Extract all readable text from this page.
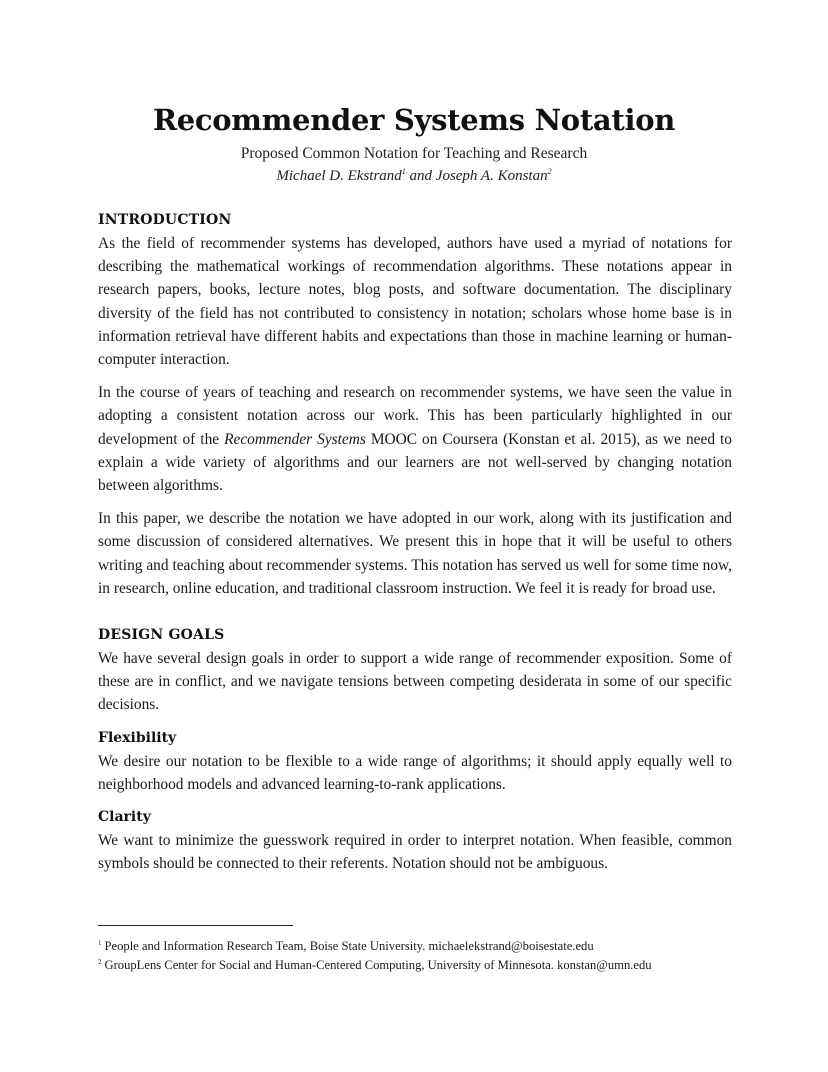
Recommender Systems Notation
Proposed Common Notation for Teaching and Research
Michael D. Ekstrand$^1$ and Joseph A. Konstan$^2$
INTRODUCTION

As the field of recommender systems has developed, authors have used a myriad of notations for describing the mathematical workings of recommendation algorithms. These notations appear in research papers, books, lecture notes, blog posts, and software documentation. The disciplinary diversity of the field has not contributed to consistency in notation; scholars whose home base is in information retrieval have different habits and expectations than those in machine learning or human-computer interaction.

In the course of years of teaching and research on recommender systems, we have seen the value in adopting a consistent notation across our work. This has been particularly highlighted in our development of the Recommender Systems MOOC on Coursera (Konstan et al. 2015), as we need to explain a wide variety of algorithms and our learners are not well-served by changing notation between algorithms.

In this paper, we describe the notation we have adopted in our work, along with its justification and some discussion of considered alternatives. We present this in hope that it will be useful to others writing and teaching about recommender systems. This notation has served us well for some time now, in research, online education, and traditional classroom instruction. We feel it is ready for broad use.

DESIGN GOALS

We have several design goals in order to support a wide range of recommender exposition. Some of these are in conflict, and we navigate tensions between competing desiderata in some of our specific decisions.

Flexibility

We desire our notation to be flexible to a wide range of algorithms; it should apply equally well to neighborhood models and advanced learning-to-rank applications.

Clarity

We want to minimize the guesswork required in order to interpret notation. When feasible, common symbols should be connected to their referents. Notation should not be ambiguous.

$^1$ People and Information Research Team, Boise State University. michaelekstrand@boisestate.edu
$^2$ GroupLens Center for Social and Human-Centered Computing, University of Minnesota. konstan@umn.edu
